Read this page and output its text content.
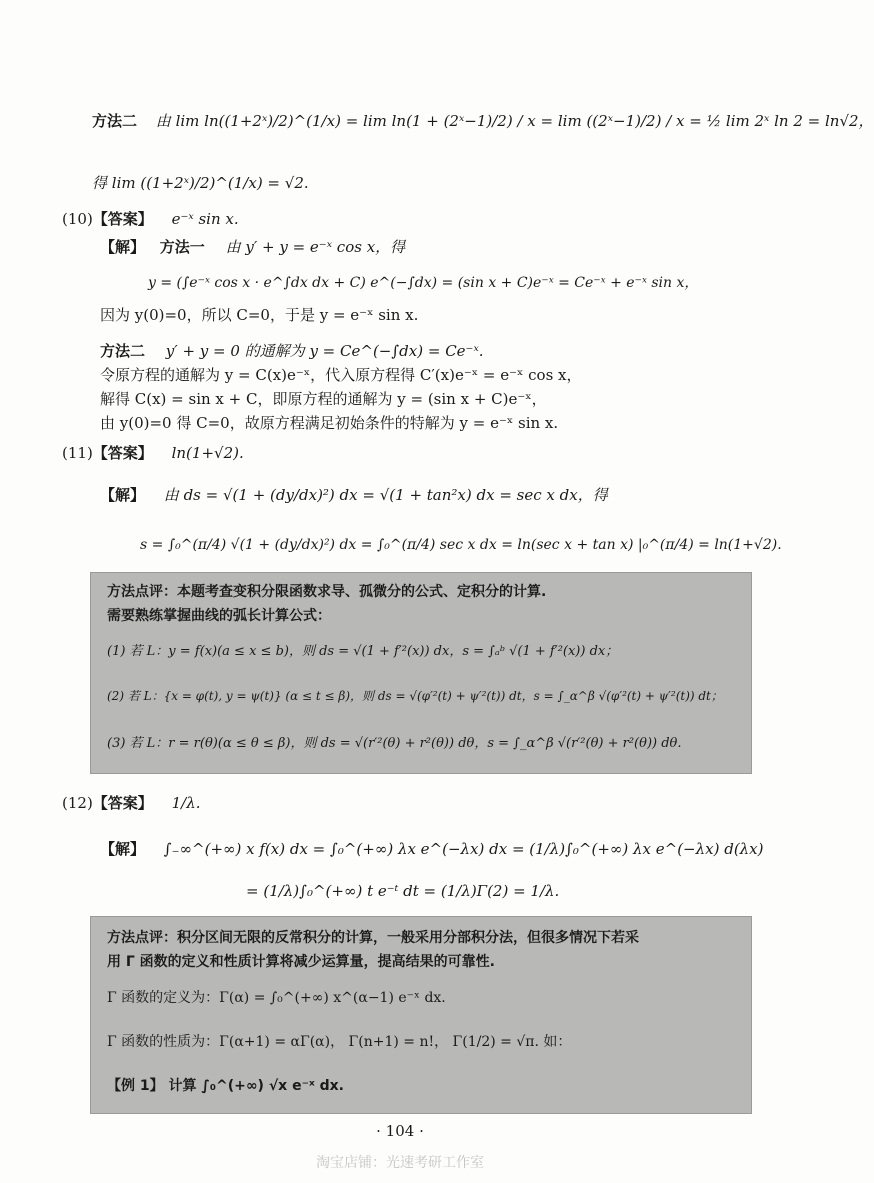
方法二 由 lim ln((1+2ˣ)/2)^(1/x) = lim ln(1 + (2ˣ−1)/2) / x = lim ((2ˣ−1)/2) / x = ½ lim 2ˣ ln 2 = ln√2，
得 lim ((1+2ˣ)/2)^(1/x) = √2.
(10)【答案】 e⁻ˣ sin x.
【解】 方法一 由 y′ + y = e⁻ˣ cos x，得
y = (∫e⁻ˣ cos x · e^∫dx dx + C) e^(−∫dx) = (sin x + C)e⁻ˣ = Ce⁻ˣ + e⁻ˣ sin x，
因为 y(0)=0，所以 C=0，于是 y = e⁻ˣ sin x.
方法二 y′ + y = 0 的通解为 y = Ce^(−∫dx) = Ce⁻ˣ.
令原方程的通解为 y = C(x)e⁻ˣ，代入原方程得 C′(x)e⁻ˣ = e⁻ˣ cos x，
解得 C(x) = sin x + C，即原方程的通解为 y = (sin x + C)e⁻ˣ，
由 y(0)=0 得 C=0，故原方程满足初始条件的特解为 y = e⁻ˣ sin x.
(11)【答案】 ln(1+√2).
【解】 由 ds = √(1 + (dy/dx)²) dx = √(1 + tan²x) dx = sec x dx，得
s = ∫₀^(π/4) √(1 + (dy/dx)²) dx = ∫₀^(π/4) sec x dx = ln(sec x + tan x) |₀^(π/4) = ln(1+√2).
方法点评：本题考查变积分限函数求导、孤微分的公式、定积分的计算.
需要熟练掌握曲线的弧长计算公式：
(1) 若 L：y = f(x)(a ≤ x ≤ b)，则 ds = √(1 + f′²(x)) dx，s = ∫ₐᵇ √(1 + f′²(x)) dx；
(2) 若 L：{x = φ(t), y = ψ(t)} (α ≤ t ≤ β)，则 ds = √(φ′²(t) + ψ′²(t)) dt，s = ∫_α^β √(φ′²(t) + ψ′²(t)) dt；
(3) 若 L：r = r(θ)(α ≤ θ ≤ β)，则 ds = √(r′²(θ) + r²(θ)) dθ，s = ∫_α^β √(r′²(θ) + r²(θ)) dθ.
(12)【答案】 1/λ.
【解】 ∫₋∞^(+∞) x f(x) dx = ∫₀^(+∞) λx e^(−λx) dx = (1/λ)∫₀^(+∞) λx e^(−λx) d(λx)
= (1/λ)∫₀^(+∞) t e⁻ᵗ dt = (1/λ)Γ(2) = 1/λ.
方法点评：积分区间无限的反常积分的计算，一般采用分部积分法，但很多情况下若采
用 Γ 函数的定义和性质计算将减少运算量，提高结果的可靠性.
Γ 函数的定义为：Γ(α) = ∫₀^(+∞) x^(α−1) e⁻ˣ dx.
Γ 函数的性质为：Γ(α+1) = αΓ(α)， Γ(n+1) = n!， Γ(1/2) = √π. 如：
【例 1】 计算 ∫₀^(+∞) √x e⁻ˣ dx.
· 104 ·
淘宝店铺：光速考研工作室
